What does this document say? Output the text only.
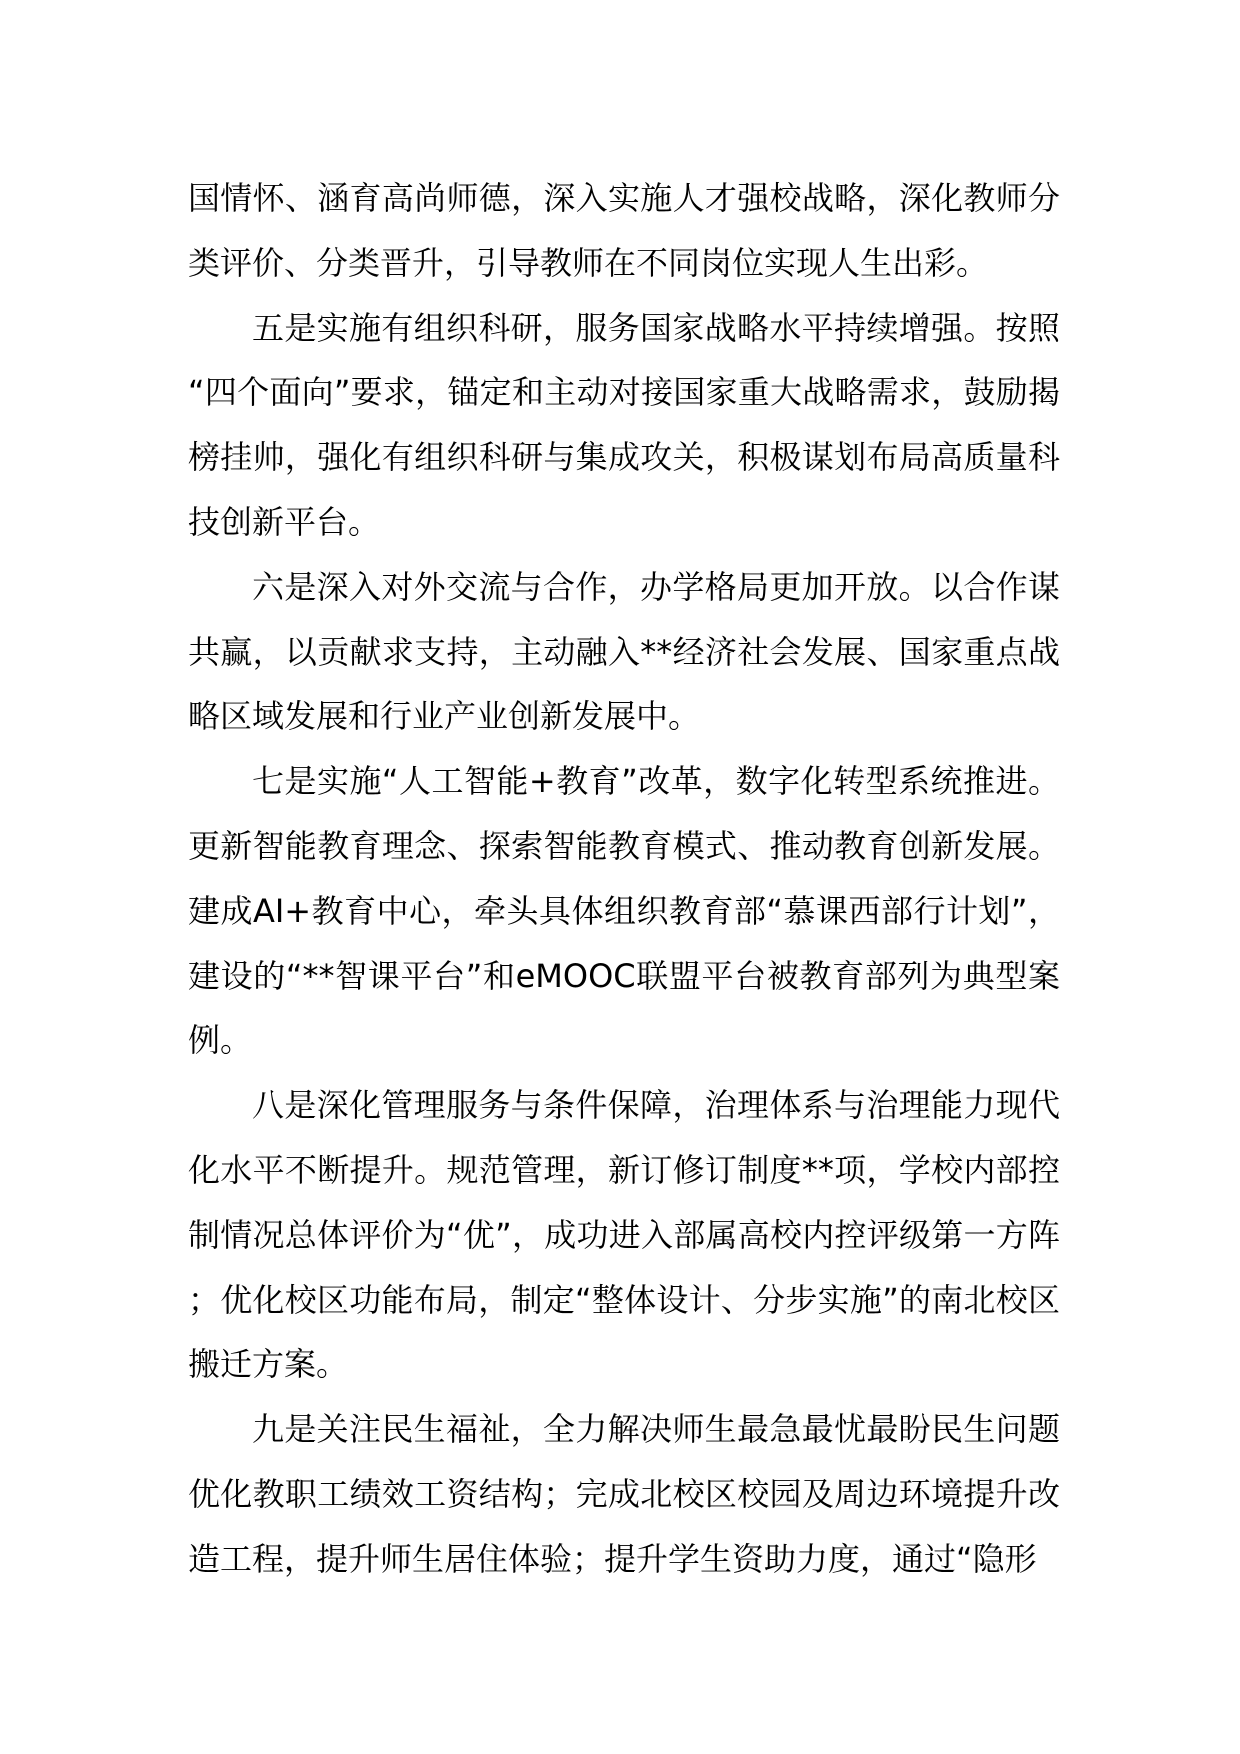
国情怀、涵育高尚师德，深入实施人才强校战略，深化教师分类评价、分类晋升，引导教师在不同岗位实现人生出彩。

五是实施有组织科研，服务国家战略水平持续增强。按照“四个面向”要求，锚定和主动对接国家重大战略需求，鼓励揭榜挂帅，强化有组织科研与集成攻关，积极谋划布局高质量科技创新平台。

六是深入对外交流与合作，办学格局更加开放。以合作谋共赢，以贡献求支持，主动融入**经济社会发展、国家重点战略区域发展和行业产业创新发展中。

七是实施“人工智能+教育”改革，数字化转型系统推进。更新智能教育理念、探索智能教育模式、推动教育创新发展。建成AI+教育中心，牵头具体组织教育部“慕课西部行计划”，建设的“**智课平台”和eMOOC联盟平台被教育部列为典型案例。

八是深化管理服务与条件保障，治理体系与治理能力现代化水平不断提升。规范管理，新订修订制度**项，学校内部控制情况总体评价为“优”，成功进入部属高校内控评级第一方阵；优化校区功能布局，制定“整体设计、分步实施”的南北校区搬迁方案。

九是关注民生福祉，全力解决师生最急最忧最盼民生问题优化教职工绩效工资结构；完成北校区校园及周边环境提升改造工程，提升师生居住体验；提升学生资助力度，通过“隐形
